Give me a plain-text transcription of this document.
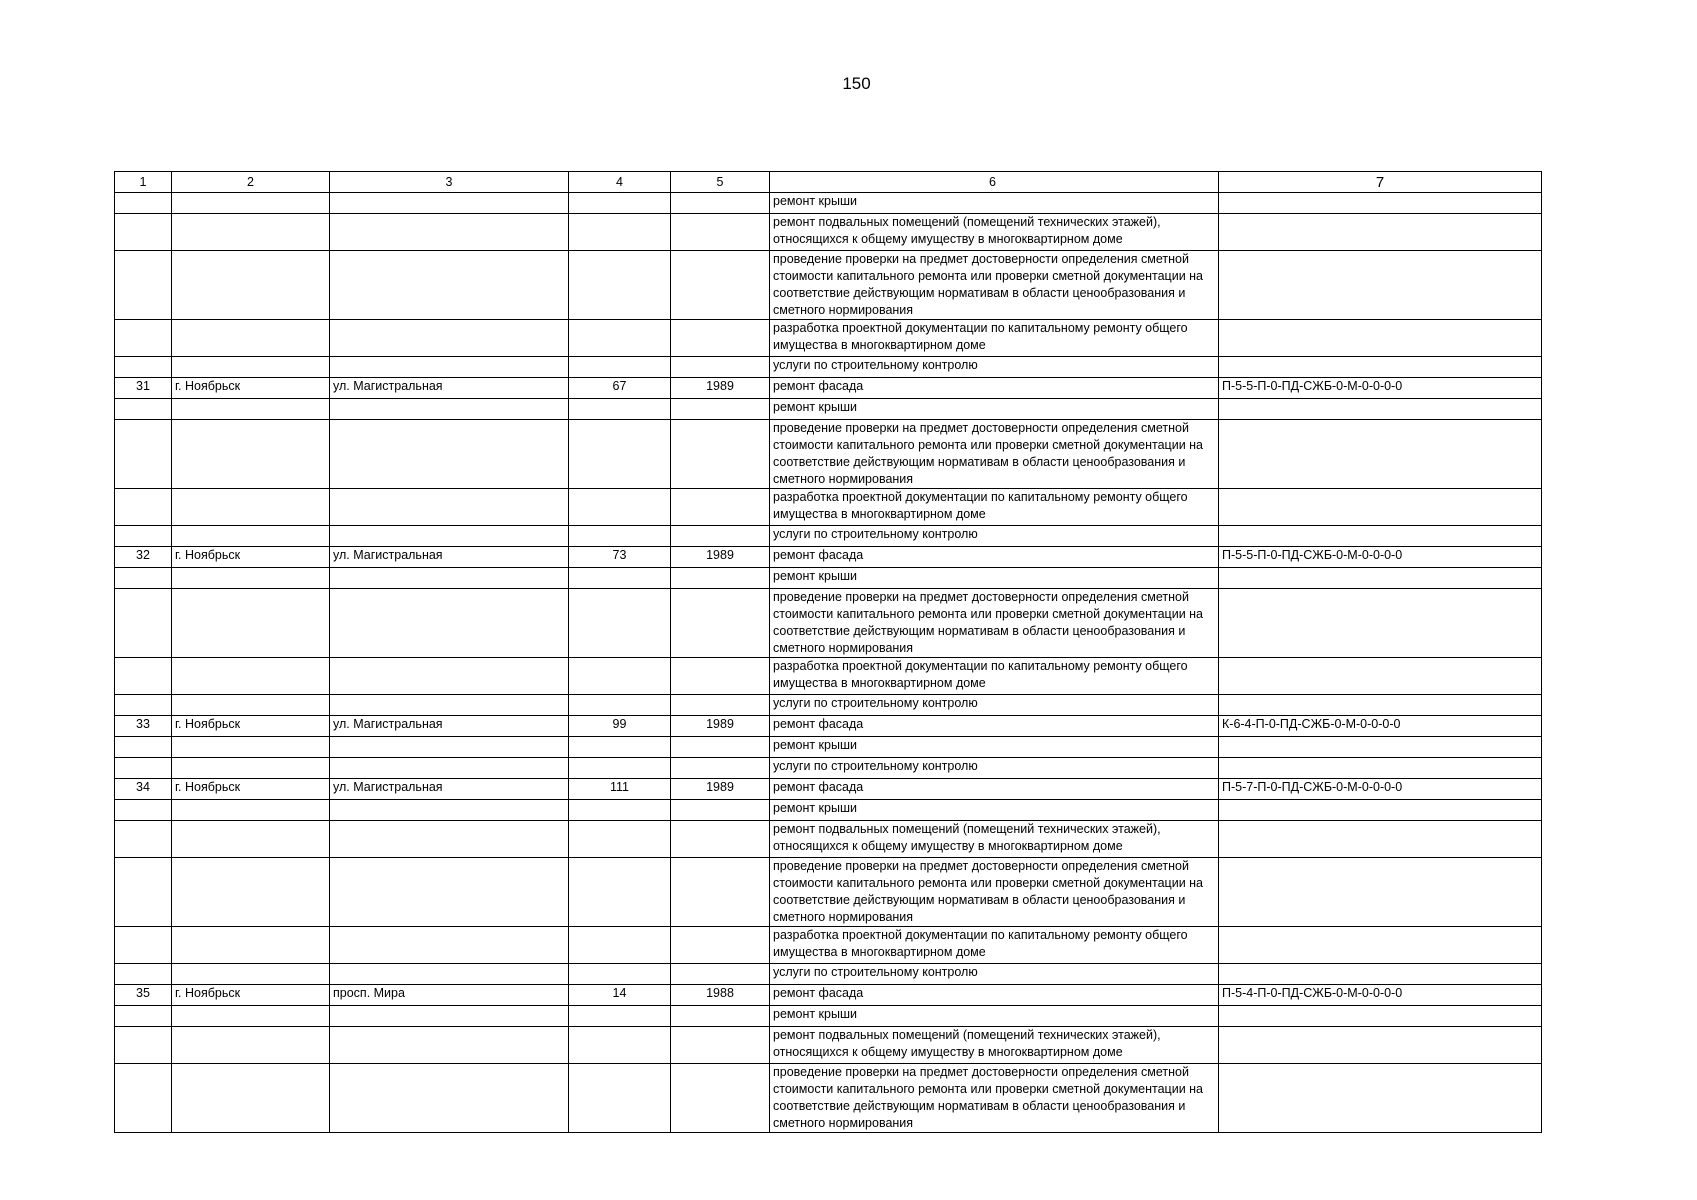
150
1	2	3	4	5	6	7
					ремонт крыши	
					ремонт подвальных помещений (помещений технических этажей), относящихся к общему имуществу в многоквартирном доме	
					проведение проверки на предмет достоверности определения сметной стоимости капитального ремонта или проверки сметной документации на соответствие действующим нормативам в области ценообразования и сметного нормирования	
					разработка проектной документации по капитальному ремонту общего имущества в многоквартирном доме	
					услуги по строительному контролю	
31	г. Ноябрьск	ул. Магистральная	67	1989	ремонт фасада	П-5-5-П-0-ПД-СЖБ-0-М-0-0-0-0
					ремонт крыши	
					проведение проверки на предмет достоверности определения сметной стоимости капитального ремонта или проверки сметной документации на соответствие действующим нормативам в области ценообразования и сметного нормирования	
					разработка проектной документации по капитальному ремонту общего имущества в многоквартирном доме	
					услуги по строительному контролю	
32	г. Ноябрьск	ул. Магистральная	73	1989	ремонт фасада	П-5-5-П-0-ПД-СЖБ-0-М-0-0-0-0
					ремонт крыши	
					проведение проверки на предмет достоверности определения сметной стоимости капитального ремонта или проверки сметной документации на соответствие действующим нормативам в области ценообразования и сметного нормирования	
					разработка проектной документации по капитальному ремонту общего имущества в многоквартирном доме	
					услуги по строительному контролю	
33	г. Ноябрьск	ул. Магистральная	99	1989	ремонт фасада	К-6-4-П-0-ПД-СЖБ-0-М-0-0-0-0
					ремонт крыши	
					услуги по строительному контролю	
34	г. Ноябрьск	ул. Магистральная	111	1989	ремонт фасада	П-5-7-П-0-ПД-СЖБ-0-М-0-0-0-0
					ремонт крыши	
					ремонт подвальных помещений (помещений технических этажей), относящихся к общему имуществу в многоквартирном доме	
					проведение проверки на предмет достоверности определения сметной стоимости капитального ремонта или проверки сметной документации на соответствие действующим нормативам в области ценообразования и сметного нормирования	
					разработка проектной документации по капитальному ремонту общего имущества в многоквартирном доме	
					услуги по строительному контролю	
35	г. Ноябрьск	просп. Мира	14	1988	ремонт фасада	П-5-4-П-0-ПД-СЖБ-0-М-0-0-0-0
					ремонт крыши	
					ремонт подвальных помещений (помещений технических этажей), относящихся к общему имуществу в многоквартирном доме	
					проведение проверки на предмет достоверности определения сметной стоимости капитального ремонта или проверки сметной документации на соответствие действующим нормативам в области ценообразования и сметного нормирования	
